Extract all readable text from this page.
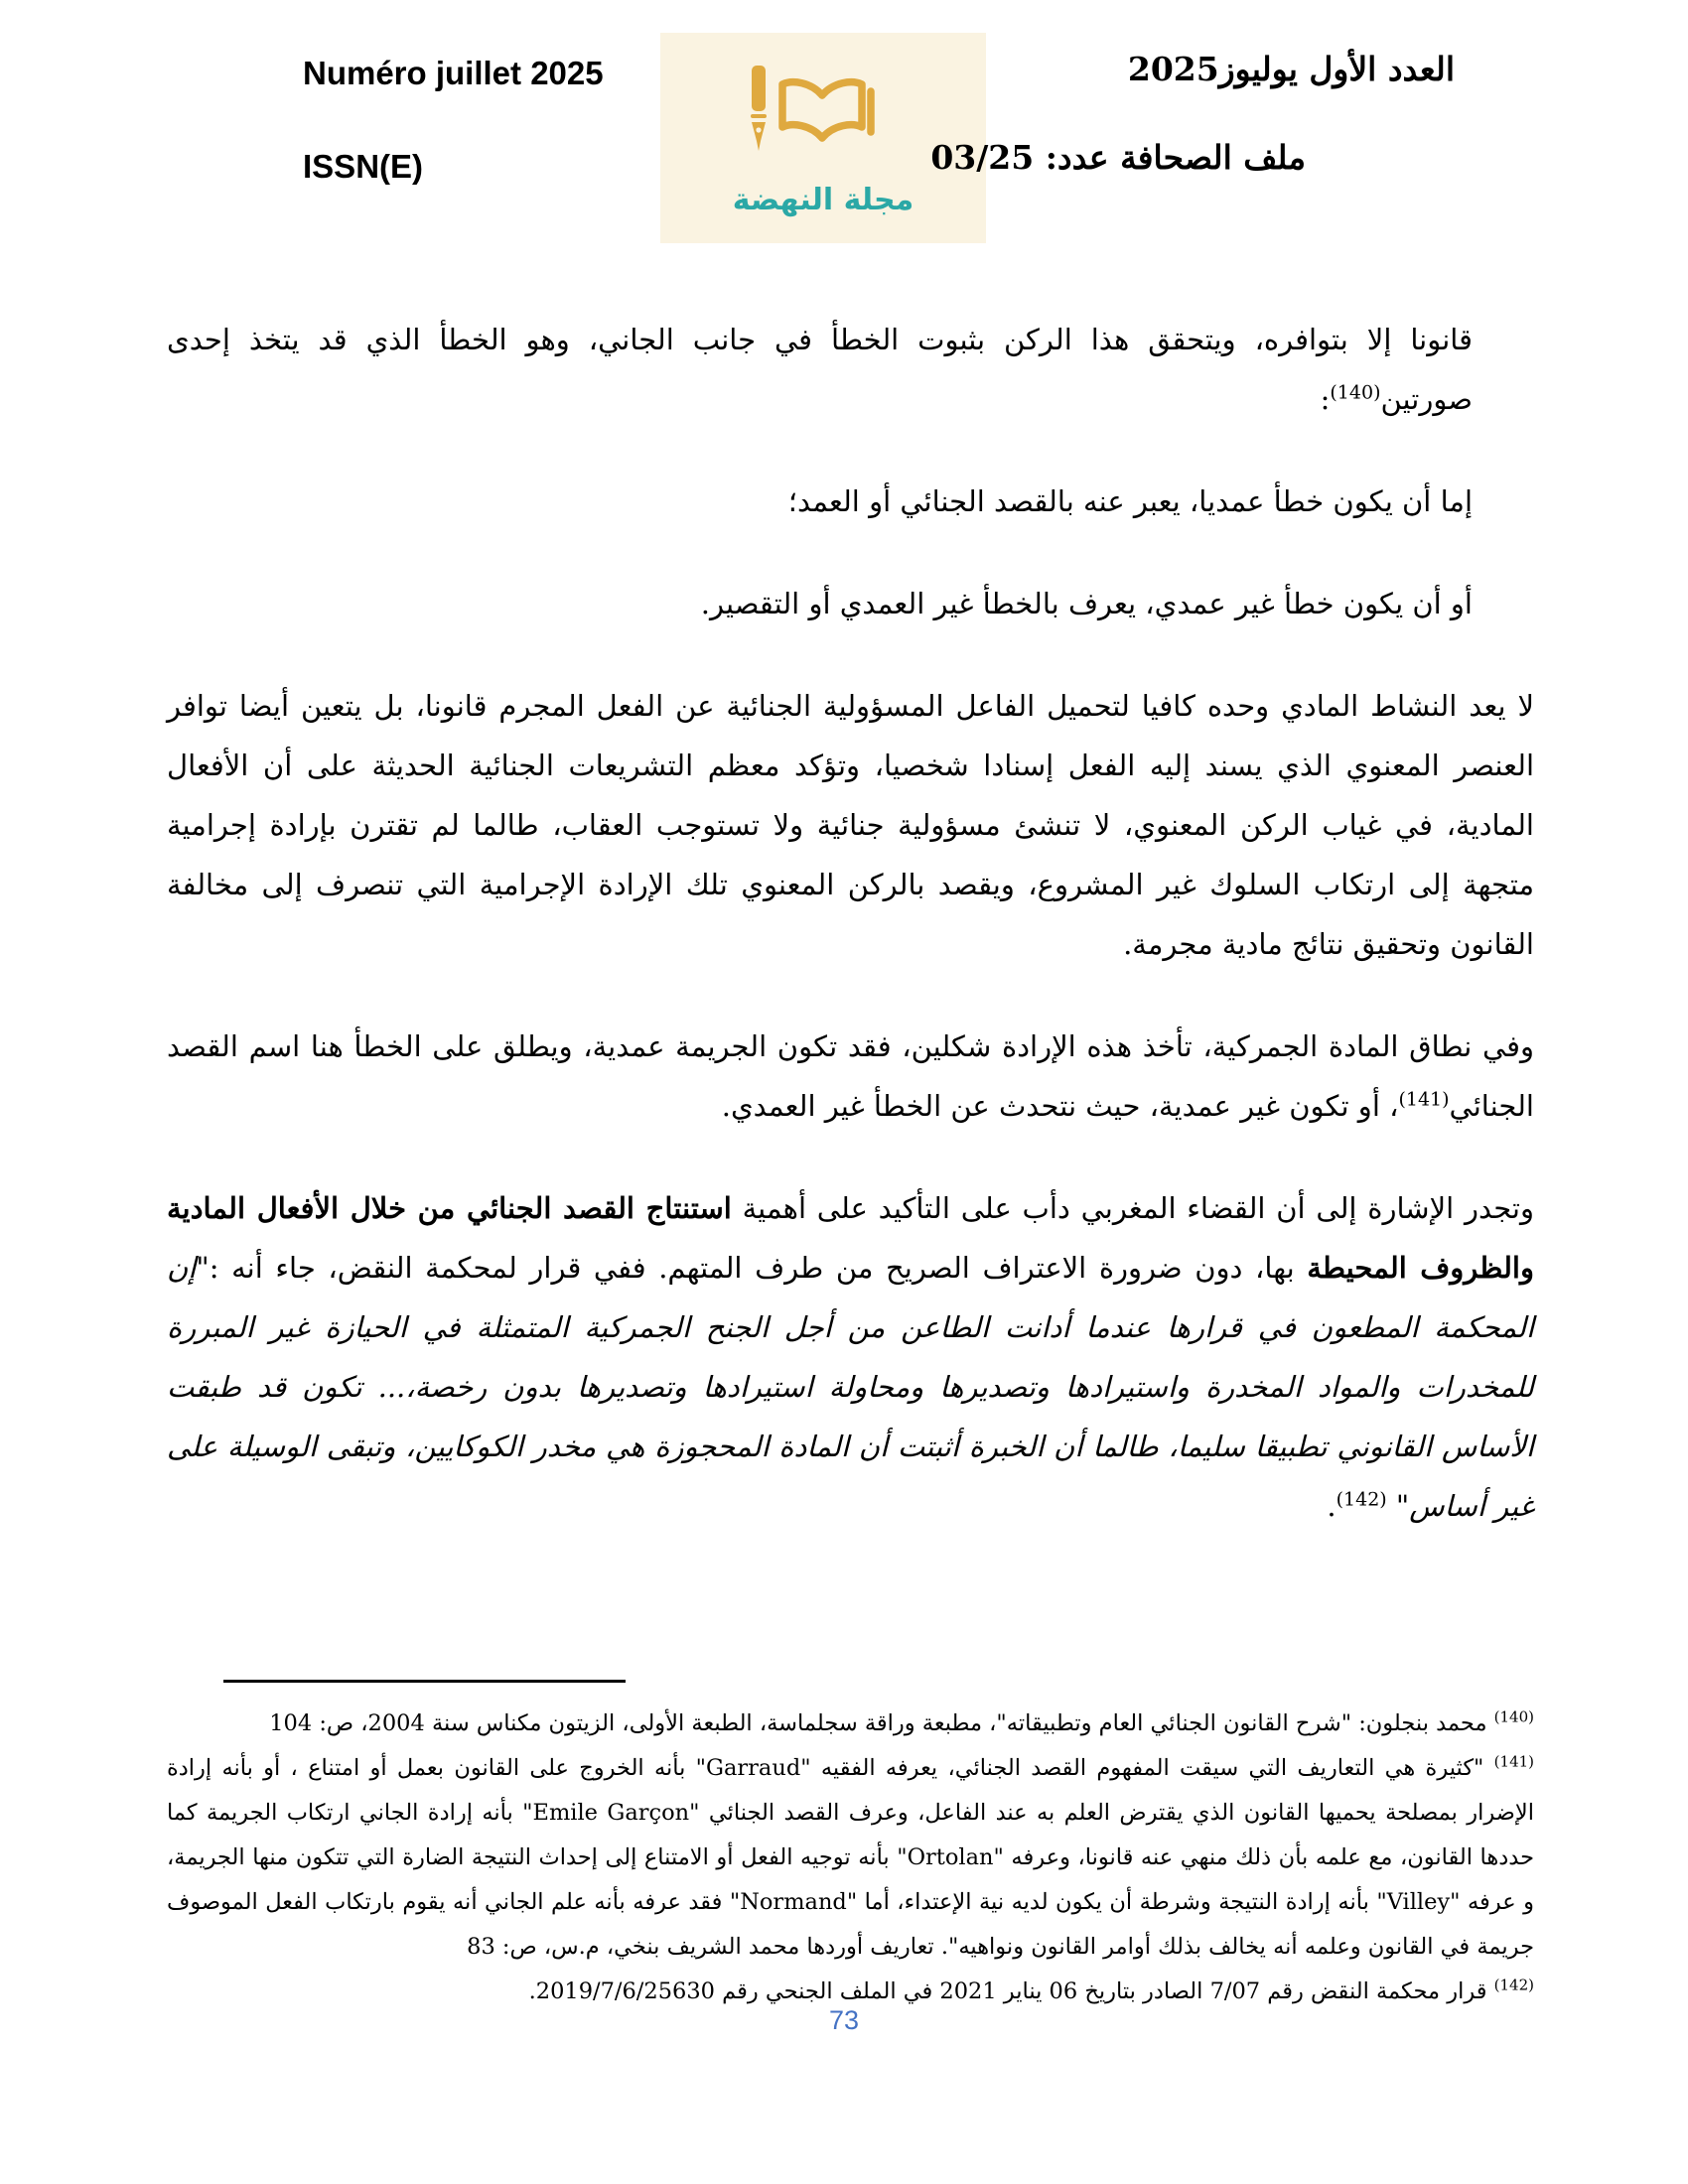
Numéro juillet 2025
ISSN(E)
مجلة النهضة
العدد الأول يوليوز2025
ملف الصحافة عدد: 03/25

قانونا إلا بتوافره، ويتحقق هذا الركن بثبوت الخطأ في جانب الجاني، وهو الخطأ الذي قد يتخذ إحدى صورتين$^{(140)}$:

إما أن يكون خطأ عمديا، يعبر عنه بالقصد الجنائي أو العمد؛

أو أن يكون خطأ غير عمدي، يعرف بالخطأ غير العمدي أو التقصير.

لا يعد النشاط المادي وحده كافيا لتحميل الفاعل المسؤولية الجنائية عن الفعل المجرم قانونا، بل يتعين أيضا توافر العنصر المعنوي الذي يسند إليه الفعل إسنادا شخصيا، وتؤكد معظم التشريعات الجنائية الحديثة على أن الأفعال المادية، في غياب الركن المعنوي، لا تنشئ مسؤولية جنائية ولا تستوجب العقاب، طالما لم تقترن بإرادة إجرامية متجهة إلى ارتكاب السلوك غير المشروع، ويقصد بالركن المعنوي تلك الإرادة الإجرامية التي تنصرف إلى مخالفة القانون وتحقيق نتائج مادية مجرمة.

وفي نطاق المادة الجمركية، تأخذ هذه الإرادة شكلين، فقد تكون الجريمة عمدية، ويطلق على الخطأ هنا اسم القصد الجنائي$^{(141)}$، أو تكون غير عمدية، حيث نتحدث عن الخطأ غير العمدي.

وتجدر الإشارة إلى أن القضاء المغربي دأب على التأكيد على أهمية استنتاج القصد الجنائي من خلال الأفعال المادية والظروف المحيطة بها، دون ضرورة الاعتراف الصريح من طرف المتهم. ففي قرار لمحكمة النقض، جاء أنه :"إن المحكمة المطعون في قرارها عندما أدانت الطاعن من أجل الجنح الجمركية المتمثلة في الحيازة غير المبررة للمخدرات والمواد المخدرة واستيرادها وتصديرها ومحاولة استيرادها وتصديرها بدون رخصة،... تكون قد طبقت الأساس القانوني تطبيقا سليما، طالما أن الخبرة أثبتت أن المادة المحجوزة هي مخدر الكوكايين، وتبقى الوسيلة على غير أساس" $^{(142)}$.

$^{(140)}$ محمد بنجلون: "شرح القانون الجنائي العام وتطبيقاته"، مطبعة وراقة سجلماسة، الطبعة الأولى، الزيتون مكناس سنة 2004، ص: 104
$^{(141)}$ "كثيرة هي التعاريف التي سيقت المفهوم القصد الجنائي، يعرفه الفقيه "Garraud" بأنه الخروج على القانون بعمل أو امتناع ، أو بأنه إرادة الإضرار بمصلحة يحميها القانون الذي يقترض العلم به عند الفاعل، وعرف القصد الجنائي "Emile Garçon" بأنه إرادة الجاني ارتكاب الجريمة كما حددها القانون، مع علمه بأن ذلك منهي عنه قانونا، وعرفه "Ortolan" بأنه توجيه الفعل أو الامتناع إلى إحداث النتيجة الضارة التي تتكون منها الجريمة، و عرفه "Villey" بأنه إرادة النتيجة وشرطة أن يكون لديه نية الإعتداء، أما "Normand" فقد عرفه بأنه علم الجاني أنه يقوم بارتكاب الفعل الموصوف جريمة في القانون وعلمه أنه يخالف بذلك أوامر القانون ونواهيه". تعاريف أوردها محمد الشريف بنخي، م.س، ص: 83
$^{(142)}$ قرار محكمة النقض رقم 7/07 الصادر بتاريخ 06 يناير 2021 في الملف الجنحي رقم 2019/7/6/25630.
73
